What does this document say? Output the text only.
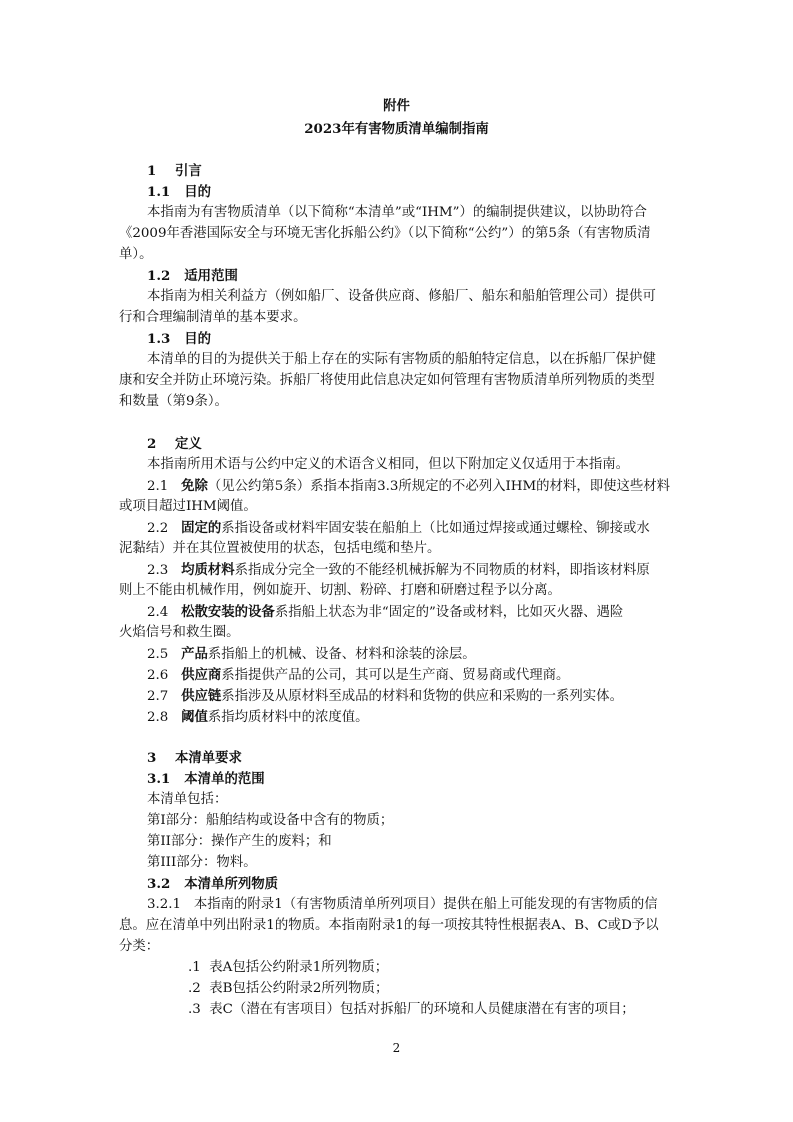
附件
2023年有害物质清单编制指南
1 引言
1.1 目的
本指南为有害物质清单（以下简称“本清单”或“IHM”）的编制提供建议，以协助符合
《2009年香港国际安全与环境无害化拆船公约》（以下简称“公约”）的第5条（有害物质清
单）。
1.2 适用范围
本指南为相关利益方（例如船厂、设备供应商、修船厂、船东和船舶管理公司）提供可
行和合理编制清单的基本要求。
1.3 目的
本清单的目的为提供关于船上存在的实际有害物质的船舶特定信息，以在拆船厂保护健
康和安全并防止环境污染。拆船厂将使用此信息决定如何管理有害物质清单所列物质的类型
和数量（第9条）。
2 定义
本指南所用术语与公约中定义的术语含义相同，但以下附加定义仅适用于本指南。
2.1 免除（见公约第5条）系指本指南3.3所规定的不必列入IHM的材料，即使这些材料
或项目超过IHM阈值。
2.2 固定的系指设备或材料牢固安装在船舶上（比如通过焊接或通过螺栓、铆接或水
泥黏结）并在其位置被使用的状态，包括电缆和垫片。
2.3 均质材料系指成分完全一致的不能经机械拆解为不同物质的材料，即指该材料原
则上不能由机械作用，例如旋开、切割、粉碎、打磨和研磨过程予以分离。
2.4 松散安装的设备系指船上状态为非“固定的”设备或材料，比如灭火器、遇险
火焰信号和救生圈。
2.5 产品系指船上的机械、设备、材料和涂装的涂层。
2.6 供应商系指提供产品的公司，其可以是生产商、贸易商或代理商。
2.7 供应链系指涉及从原材料至成品的材料和货物的供应和采购的一系列实体。
2.8 阈值系指均质材料中的浓度值。
3 本清单要求
3.1 本清单的范围
本清单包括：
第I部分：船舶结构或设备中含有的物质；
第II部分：操作产生的废料；和
第III部分：物料。
3.2 本清单所列物质
3.2.1 本指南的附录1（有害物质清单所列项目）提供在船上可能发现的有害物质的信
息。应在清单中列出附录1的物质。本指南附录1的每一项按其特性根据表A、B、C或D予以
分类：
.1 表A包括公约附录1所列物质；
.2 表B包括公约附录2所列物质；
.3 表C（潜在有害项目）包括对拆船厂的环境和人员健康潜在有害的项目；
2
